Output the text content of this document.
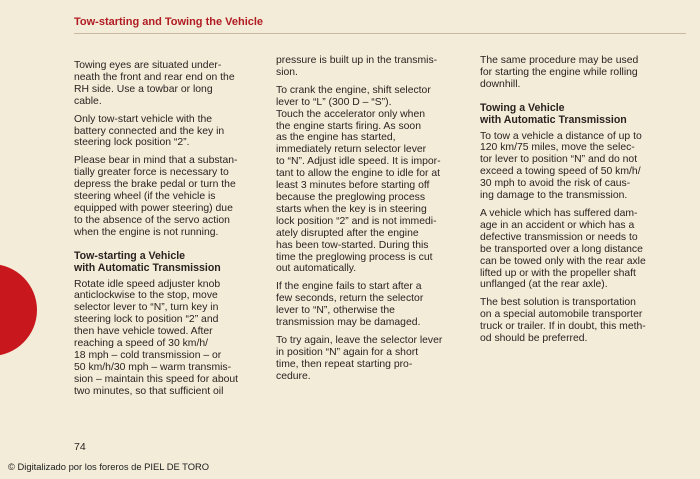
Tow-starting and Towing the Vehicle

Towing eyes are situated under-
neath the front and rear end on the
RH side. Use a towbar or long
cable.

Only tow-start vehicle with the
battery connected and the key in
steering lock position “2”.

Please bear in mind that a substan-
tially greater force is necessary to
depress the brake pedal or turn the
steering wheel (if the vehicle is
equipped with power steering) due
to the absence of the servo action
when the engine is not running.

Tow-starting a Vehicle
with Automatic Transmission

Rotate idle speed adjuster knob
anticlockwise to the stop, move
selector lever to “N”, turn key in
steering lock to position “2” and
then have vehicle towed. After
reaching a speed of 30 km/h/
18 mph – cold transmission – or
50 km/h/30 mph – warm transmis-
sion – maintain this speed for about
two minutes, so that sufficient oil

pressure is built up in the transmis-
sion.

To crank the engine, shift selector
lever to “L” (300 D – “S”).
Touch the accelerator only when
the engine starts firing. As soon
as the engine has started,
immediately return selector lever
to “N”. Adjust idle speed. It is impor-
tant to allow the engine to idle for at
least 3 minutes before starting off
because the preglowing process
starts when the key is in steering
lock position “2” and is not immedi-
ately disrupted after the engine
has been tow-started. During this
time the preglowing process is cut
out automatically.

If the engine fails to start after a
few seconds, return the selector
lever to “N”, otherwise the
transmission may be damaged.

To try again, leave the selector lever
in position “N” again for a short
time, then repeat starting pro-
cedure.

The same procedure may be used
for starting the engine while rolling
downhill.

Towing a Vehicle
with Automatic Transmission

To tow a vehicle a distance of up to
120 km/75 miles, move the selec-
tor lever to position “N” and do not
exceed a towing speed of 50 km/h/
30 mph to avoid the risk of caus-
ing damage to the transmission.

A vehicle which has suffered dam-
age in an accident or which has a
defective transmission or needs to
be transported over a long distance
can be towed only with the rear axle
lifted up or with the propeller shaft
unflanged (at the rear axle).

The best solution is transportation
on a special automobile transporter
truck or trailer. If in doubt, this meth-
od should be preferred.

74
© Digitalizado por los foreros de PIEL DE TORO
